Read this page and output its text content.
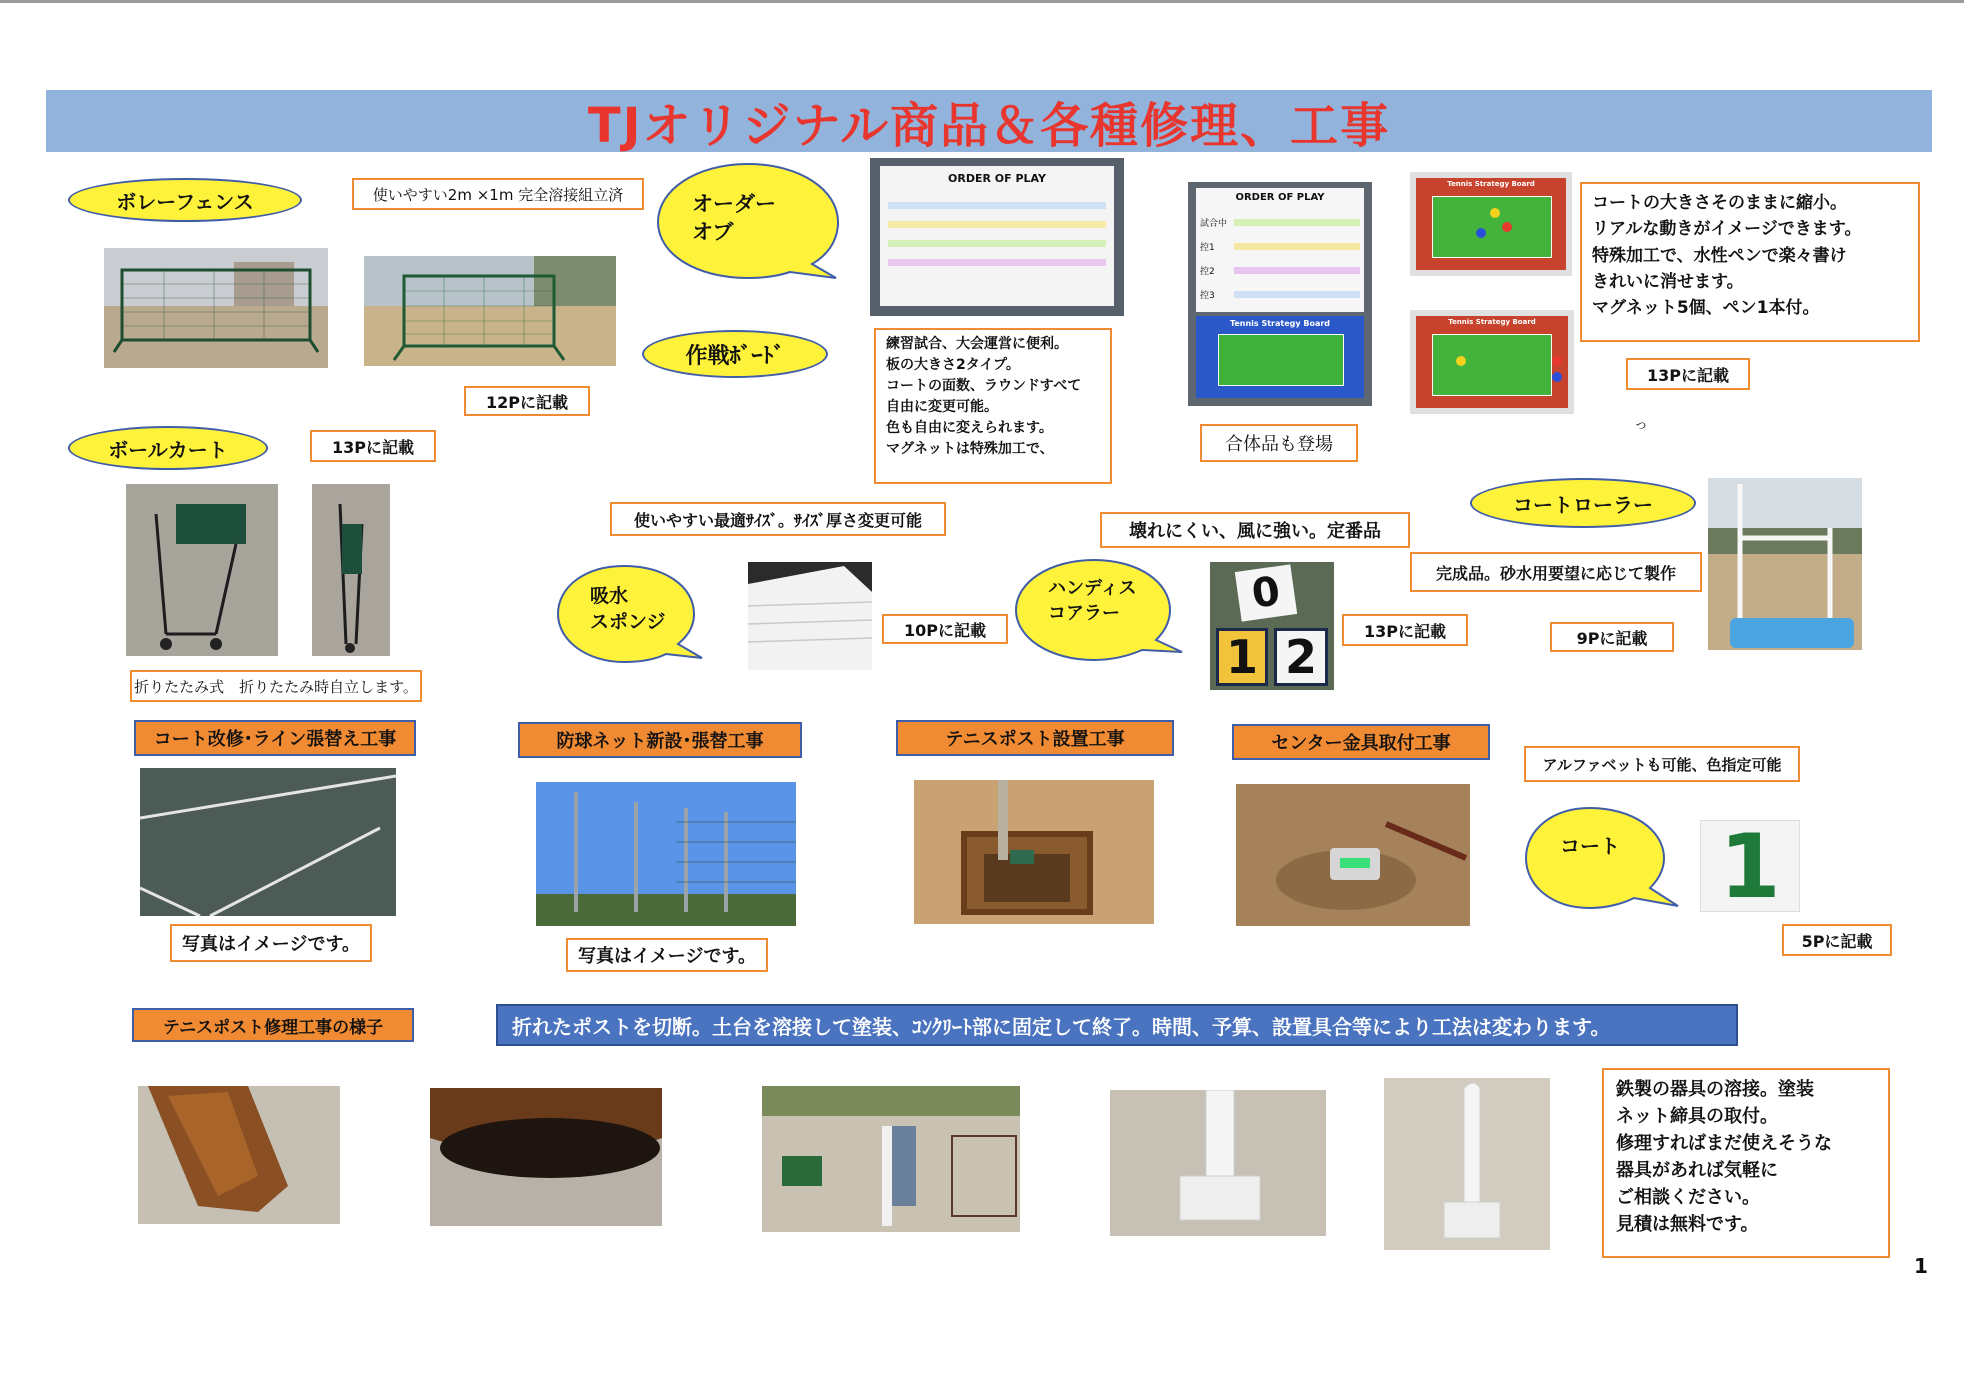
TJオリジナル商品＆各種修理、工事
ボレーフェンス	使いやすい2m ×1m 完全溶接組立済
12Pに記載
ボールカート	13Pに記載
折りたたみ式　折りたたみ時自立します。
オーダー
オブ
作戦ﾎﾞｰﾄﾞ
ORDER OF PLAY
ORDER OF PLAY
試合中
控1
控2
控3
Tennis Strategy Board
Tennis Strategy Board
Tennis Strategy Board
練習試合、大会運営に便利。
板の大きさ2タイプ。
コートの面数、ラウンドすべて
自由に変更可能。
色も自由に変えられます。
マグネットは特殊加工で、	合体品も登場
コートの大きさそのままに縮小。
リアルな動きがイメージできます。
特殊加工で、水性ペンで楽々書け
きれいに消せます。
マグネット5個、ペン1本付。
13Pに記載
っ
使いやすい最適ｻｲｽﾞ。ｻｲｽﾞ厚さ変更可能
吸水
スポンジ	10Pに記載
壊れにくい、風に強い。定番品
ハンディス
コアラー	0
1 2	13Pに記載
コートローラー
完成品。砂水用要望に応じて製作
9Pに記載
コート改修･ライン張替え工事	防球ネット新設･張替工事	テニスポスト設置工事	センター金具取付工事
写真はイメージです。
写真はイメージです。
アルファベットも可能、色指定可能
コート 1
5Pに記載
テニスポスト修理工事の様子	折れたポストを切断。土台を溶接して塗装、ｺﾝｸﾘｰﾄ部に固定して終了。時間、予算、設置具合等により工法は変わります。
鉄製の器具の溶接。塗装
ネット締具の取付。
修理すればまだ使えそうな
器具があれば気軽に
ご相談ください。
見積は無料です。
1
